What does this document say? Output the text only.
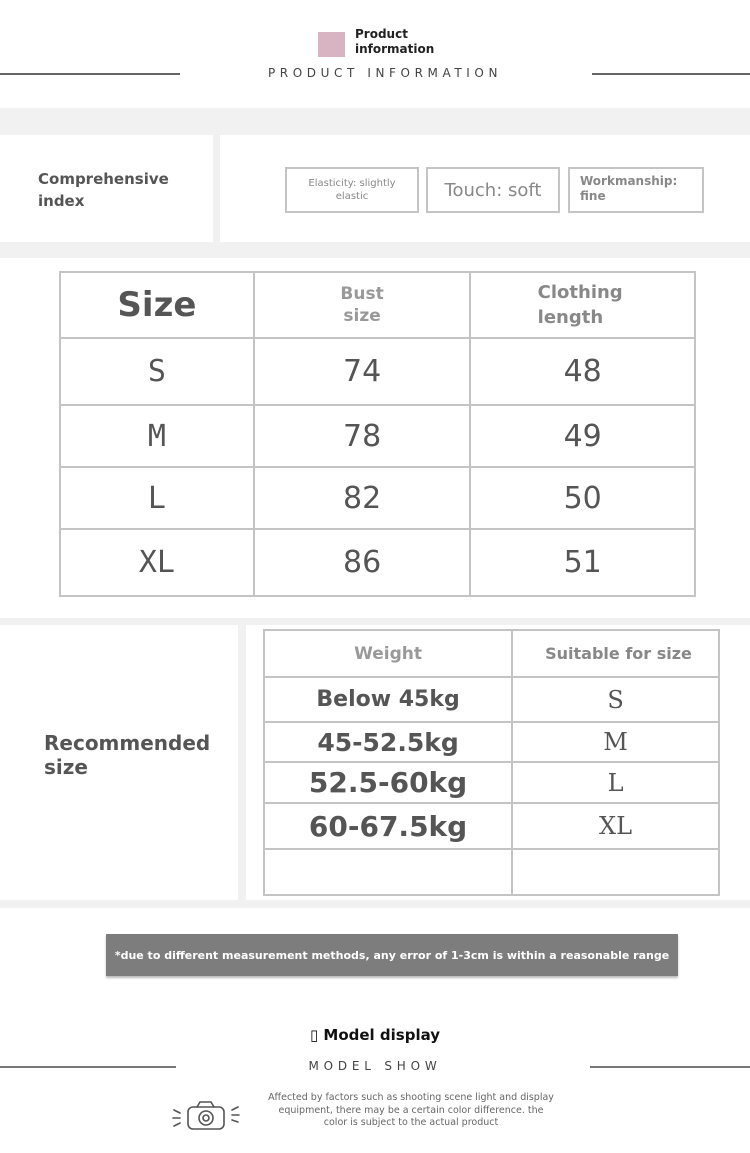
Product information
PRODUCT INFORMATION
Comprehensive index
Elasticity: slightly elastic	Touch: soft	Workmanship: fine
Size	Bust size	Clothing length

S	74	48
M	78	49
L	82	50
XL	86	51
Recommended size
Weight	Suitable for size
Below 45kg	S
45-52.5kg	M
52.5-60kg	L
60-67.5kg	XL

*due to different measurement methods, any error of 1-3cm is within a reasonable range
▯ Model display
MODEL SHOW
Affected by factors such as shooting scene light and display equipment, there may be a certain color difference. the color is subject to the actual product
